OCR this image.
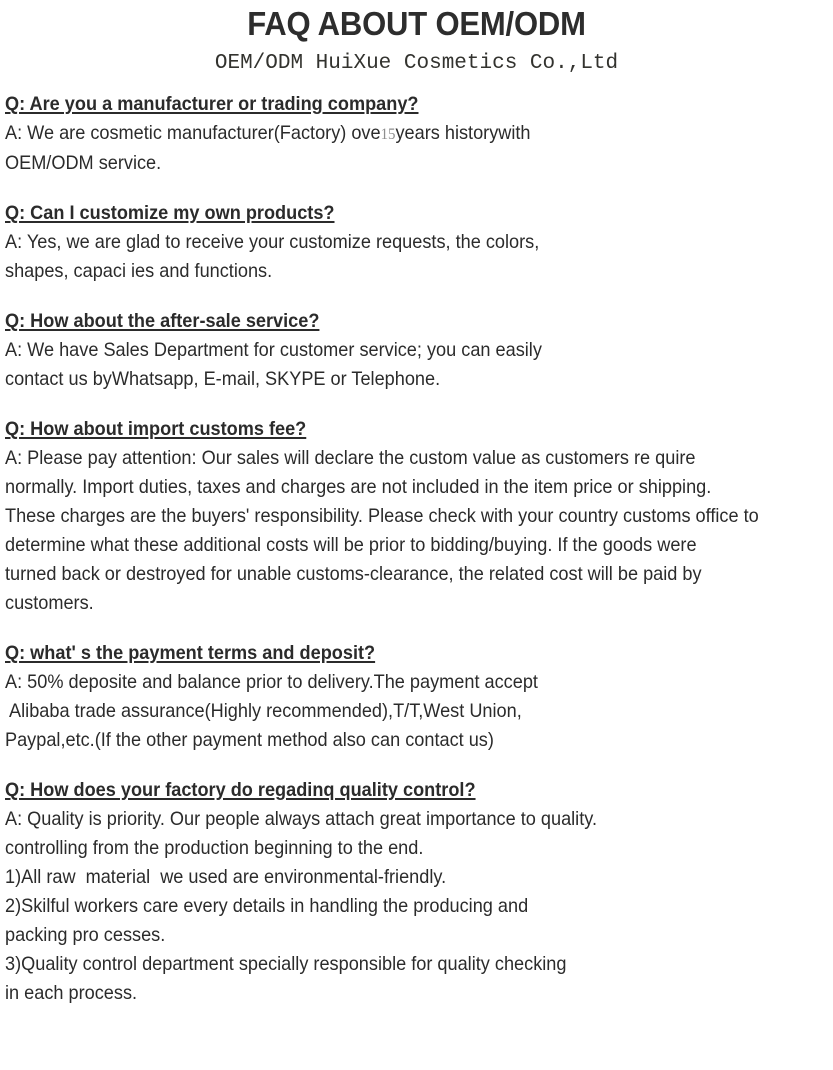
FAQ ABOUT OEM/ODM
OEM/ODM HuiXue Cosmetics Co.,Ltd
Q: Are you a manufacturer or trading company?
A: We are cosmetic manufacturer(Factory) ove15years historywith
OEM/ODM service.
Q: Can I customize my own products?
A: Yes, we are glad to receive your customize requests, the colors,
shapes, capaci ies and functions.
Q: How about the after-sale service?
A: We have Sales Department for customer service; you can easily
contact us byWhatsapp, E-mail, SKYPE or Telephone.
Q: How about import customs fee?
A: Please pay attention: Our sales will declare the custom value as customers re quire
normally. Import duties, taxes and charges are not included in the item price or shipping.
These charges are the buyers' responsibility. Please check with your country customs office to
determine what these additional costs will be prior to bidding/buying. If the goods were
turned back or destroyed for unable customs-clearance, the related cost will be paid by
customers.
Q: what' s the payment terms and deposit?
A: 50% deposite and balance prior to delivery.The payment accept
Alibaba trade assurance(Highly recommended),T/T,West Union,
Paypal,etc.(If the other payment method also can contact us)
Q: How does your factory do regadinq quality control?
A: Quality is priority. Our people always attach great importance to quality.
controlling from the production beginning to the end.
1)All raw  material  we used are environmental-friendly.
2)Skilful workers care every details in handling the producing and
packing pro cesses.
3)Quality control department specially responsible for quality checking
in each process.
